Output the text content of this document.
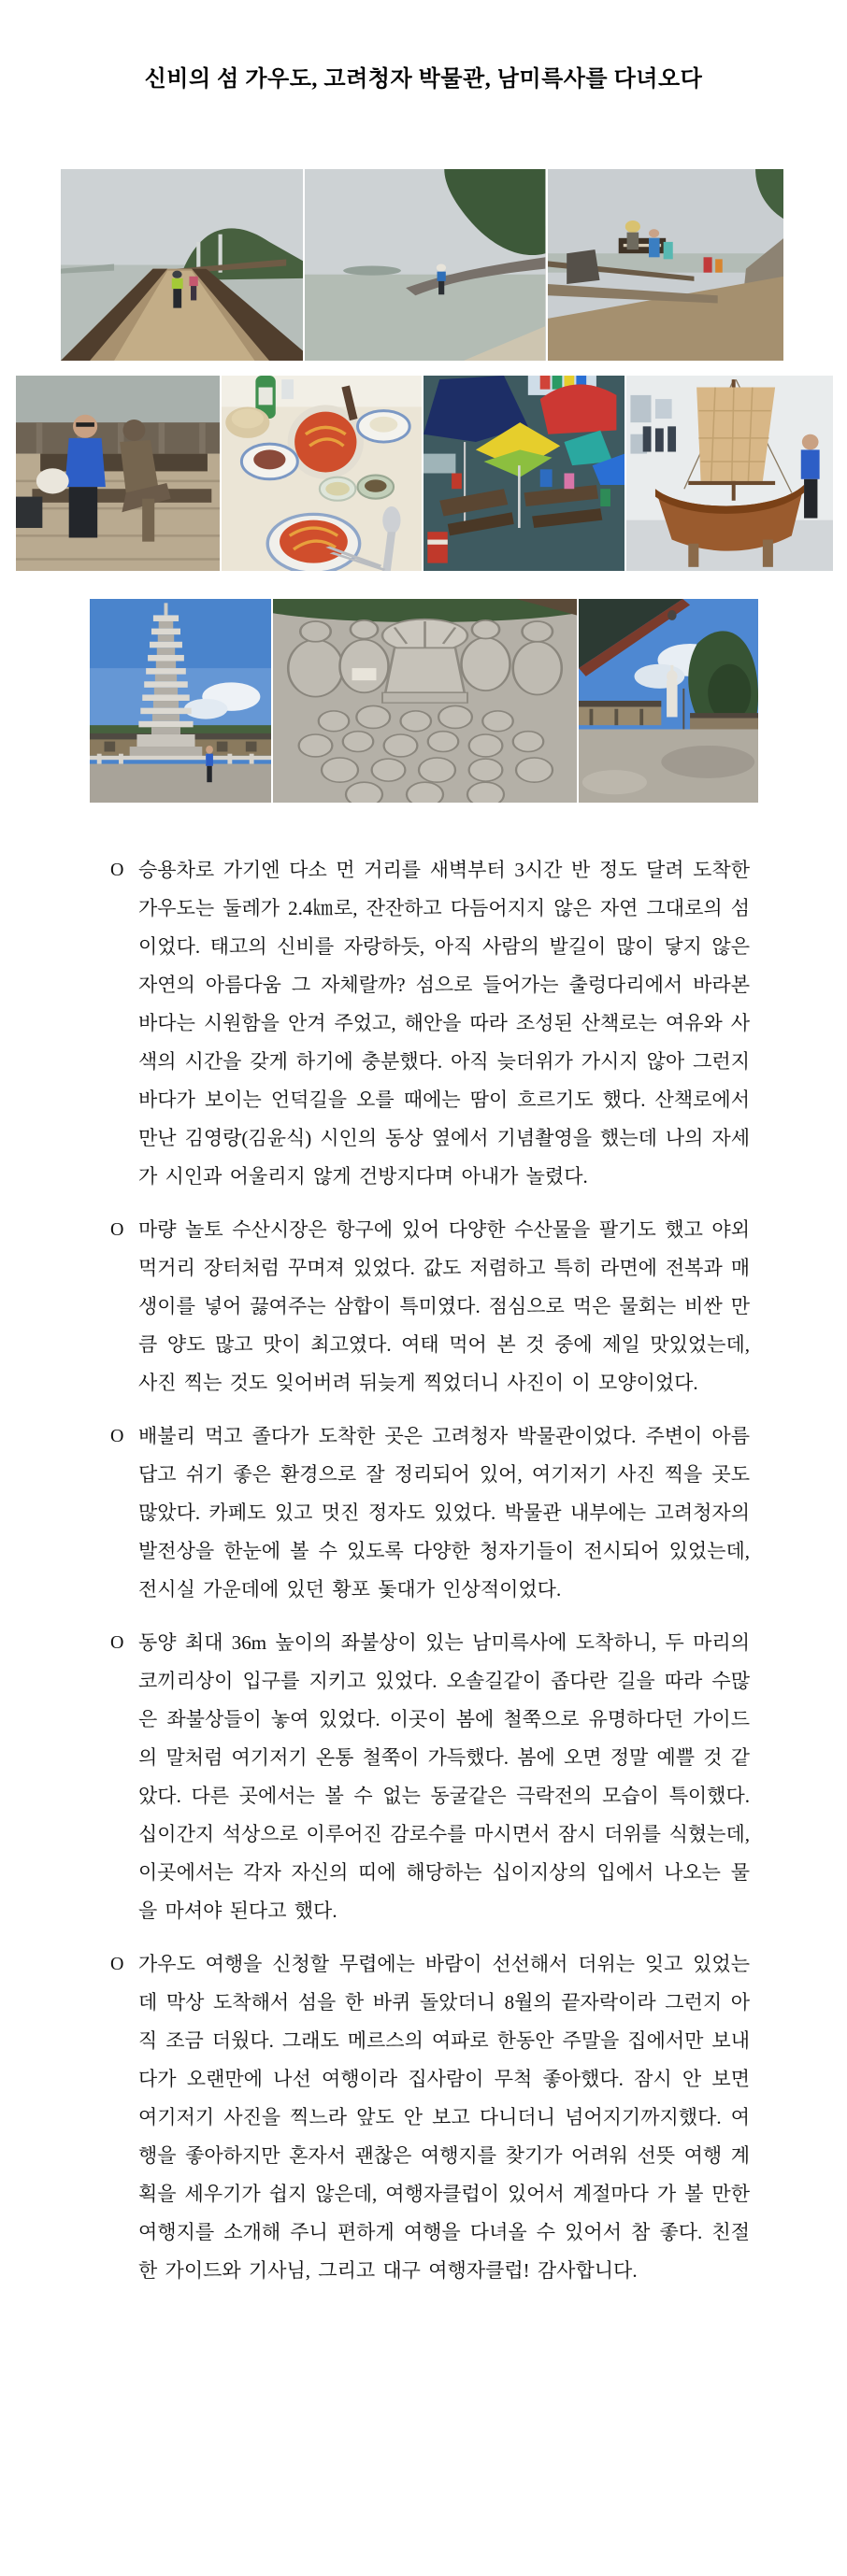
신비의 섬 가우도, 고려청자 박물관, 남미륵사를 다녀오다
O 승용차로 가기엔 다소 먼 거리를 새벽부터 3시간 반 정도 달려 도착한 가우도는 둘레가 2.4㎞로, 잔잔하고 다듬어지지 않은 자연 그대로의 섬이었다. 태고의 신비를 자랑하듯, 아직 사람의 발길이 많이 닿지 않은 자연의 아름다움 그 자체랄까? 섬으로 들어가는 출렁다리에서 바라본 바다는 시원함을 안겨 주었고, 해안을 따라 조성된 산책로는 여유와 사색의 시간을 갖게 하기에 충분했다. 아직 늦더위가 가시지 않아 그런지 바다가 보이는 언덕길을 오를 때에는 땀이 흐르기도 했다. 산책로에서 만난 김영랑(김윤식) 시인의 동상 옆에서 기념촬영을 했는데 나의 자세가 시인과 어울리지 않게 건방지다며 아내가 놀렸다.

O 마량 놀토 수산시장은 항구에 있어 다양한 수산물을 팔기도 했고 야외 먹거리 장터처럼 꾸며져 있었다. 값도 저렴하고 특히 라면에 전복과 매생이를 넣어 끓여주는 삼합이 특미였다. 점심으로 먹은 물회는 비싼 만큼 양도 많고 맛이 최고였다. 여태 먹어 본 것 중에 제일 맛있었는데, 사진 찍는 것도 잊어버려 뒤늦게 찍었더니 사진이 이 모양이었다.

O 배불리 먹고 졸다가 도착한 곳은 고려청자 박물관이었다. 주변이 아름답고 쉬기 좋은 환경으로 잘 정리되어 있어, 여기저기 사진 찍을 곳도 많았다. 카페도 있고 멋진 정자도 있었다. 박물관 내부에는 고려청자의 발전상을 한눈에 볼 수 있도록 다양한 청자기들이 전시되어 있었는데, 전시실 가운데에 있던 황포 돛대가 인상적이었다.

O 동양 최대 36m 높이의 좌불상이 있는 남미륵사에 도착하니, 두 마리의 코끼리상이 입구를 지키고 있었다. 오솔길같이 좁다란 길을 따라 수많은 좌불상들이 놓여 있었다. 이곳이 봄에 철쭉으로 유명하다던 가이드의 말처럼 여기저기 온통 철쭉이 가득했다. 봄에 오면 정말 예쁠 것 같았다. 다른 곳에서는 볼 수 없는 동굴같은 극락전의 모습이 특이했다. 십이간지 석상으로 이루어진 감로수를 마시면서 잠시 더위를 식혔는데, 이곳에서는 각자 자신의 띠에 해당하는 십이지상의 입에서 나오는 물을 마셔야 된다고 했다.

O 가우도 여행을 신청할 무렵에는 바람이 선선해서 더위는 잊고 있었는데 막상 도착해서 섬을 한 바퀴 돌았더니 8월의 끝자락이라 그런지 아직 조금 더웠다. 그래도 메르스의 여파로 한동안 주말을 집에서만 보내다가 오랜만에 나선 여행이라 집사람이 무척 좋아했다. 잠시 안 보면 여기저기 사진을 찍느라 앞도 안 보고 다니더니 넘어지기까지했다. 여행을 좋아하지만 혼자서 괜찮은 여행지를 찾기가 어려워 선뜻 여행 계획을 세우기가 쉽지 않은데, 여행자클럽이 있어서 계절마다 가 볼 만한 여행지를 소개해 주니 편하게 여행을 다녀올 수 있어서 참 좋다. 친절한 가이드와 기사님, 그리고 대구 여행자클럽! 감사합니다.
